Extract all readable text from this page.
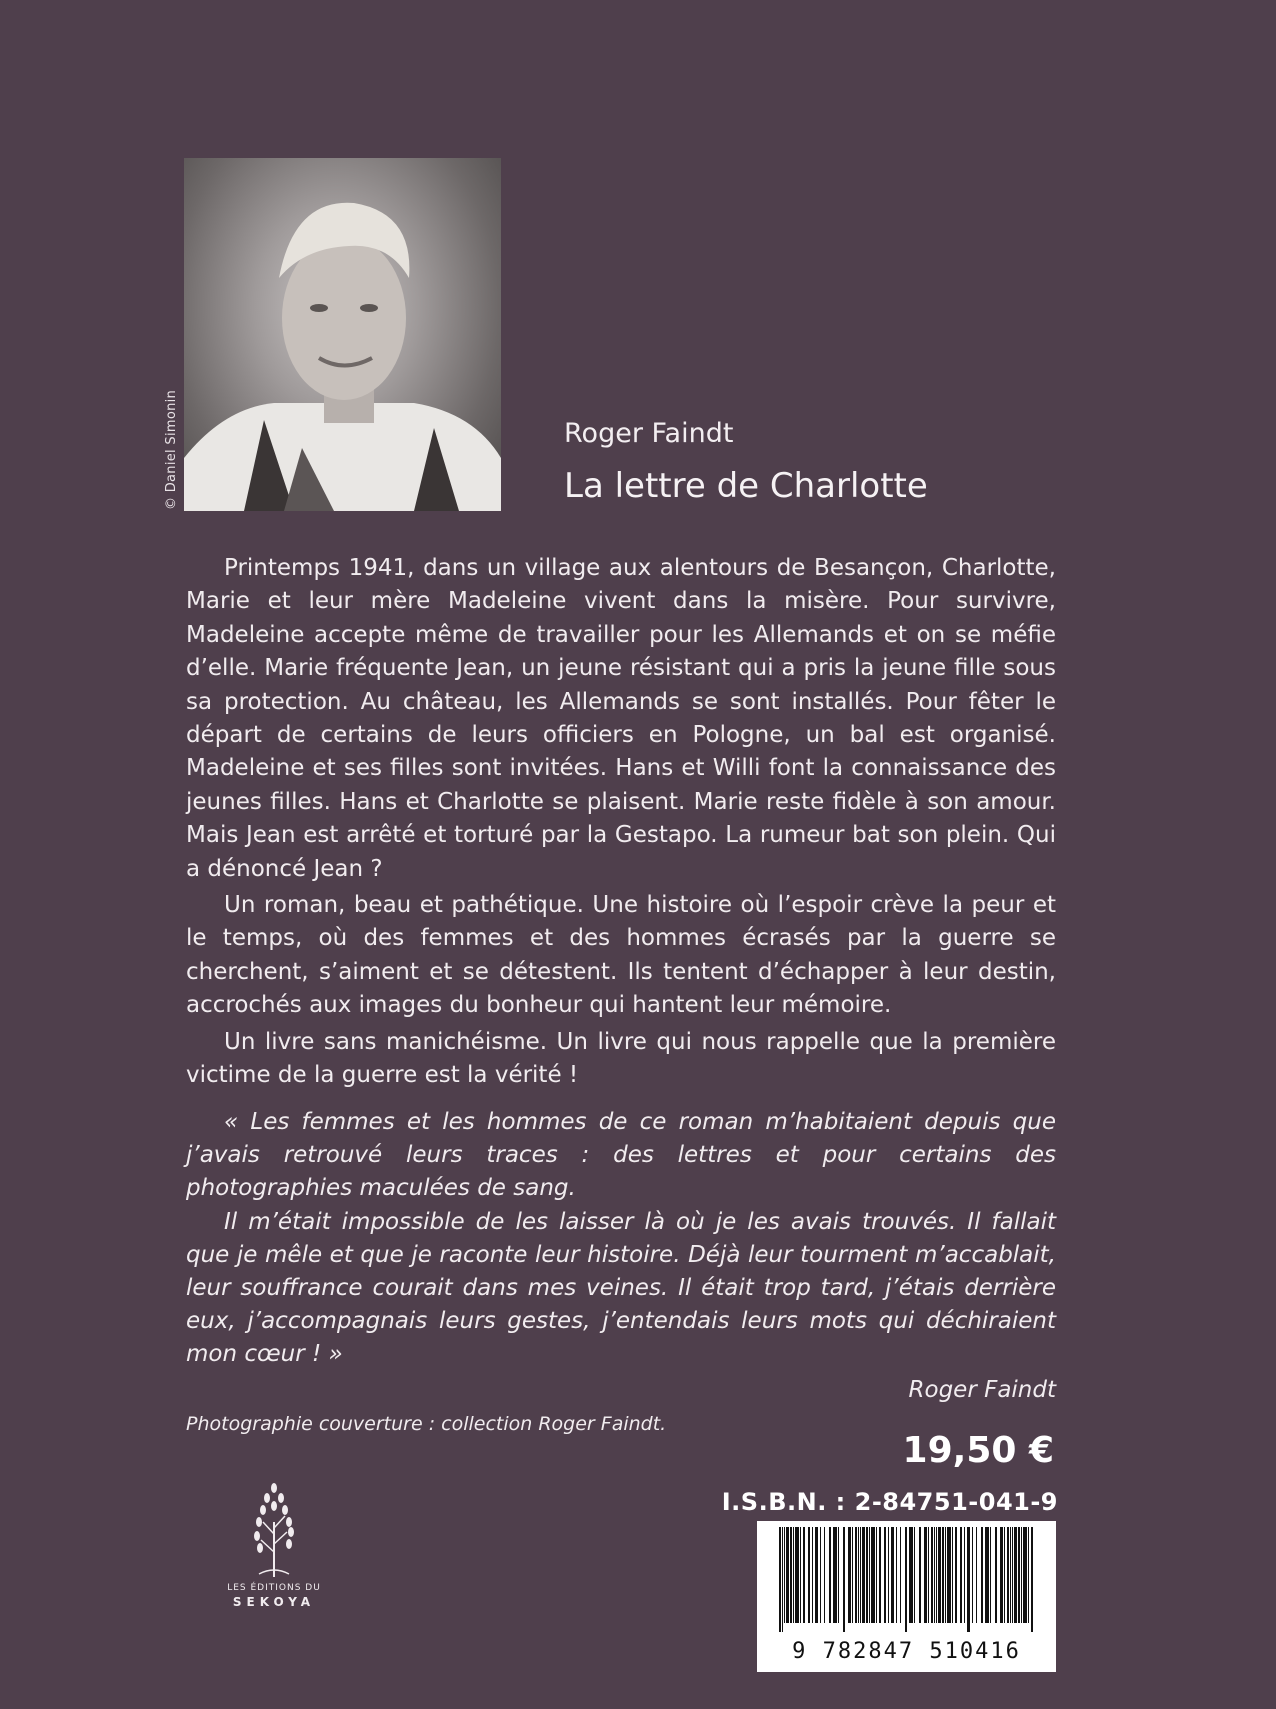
© Daniel Simonin	Roger Faindt
La lettre de Charlotte

Printemps 1941, dans un village aux alentours de Besançon, Charlotte, Marie et leur mère Madeleine vivent dans la misère. Pour survivre, Madeleine accepte même de travailler pour les Allemands et on se méfie d’elle. Marie fréquente Jean, un jeune résistant qui a pris la jeune fille sous sa protection. Au château, les Allemands se sont installés. Pour fêter le départ de certains de leurs officiers en Pologne, un bal est organisé. Madeleine et ses filles sont invitées. Hans et Willi font la connaissance des jeunes filles. Hans et Charlotte se plaisent. Marie reste fidèle à son amour. Mais Jean est arrêté et torturé par la Gestapo. La rumeur bat son plein. Qui a dénoncé Jean ?

Un roman, beau et pathétique. Une histoire où l’espoir crève la peur et le temps, où des femmes et des hommes écrasés par la guerre se cherchent, s’aiment et se détestent. Ils tentent d’échapper à leur destin, accrochés aux images du bonheur qui hantent leur mémoire.

Un livre sans manichéisme. Un livre qui nous rappelle que la première victime de la guerre est la vérité !

« Les femmes et les hommes de ce roman m’habitaient depuis que j’avais retrouvé leurs traces : des lettres et pour certains des photographies maculées de sang.

Il m’était impossible de les laisser là où je les avais trouvés. Il fallait que je mêle et que je raconte leur histoire. Déjà leur tourment m’accablait, leur souffrance courait dans mes veines. Il était trop tard, j’étais derrière eux, j’accompagnais leurs gestes, j’entendais leurs mots qui déchiraient mon cœur ! »

Roger Faindt

Photographie couverture : collection Roger Faindt.
19,50 €
I.S.B.N. : 2-84751-041-9
9 782847 510416
LES ÉDITIONS DU
SEKOYA
